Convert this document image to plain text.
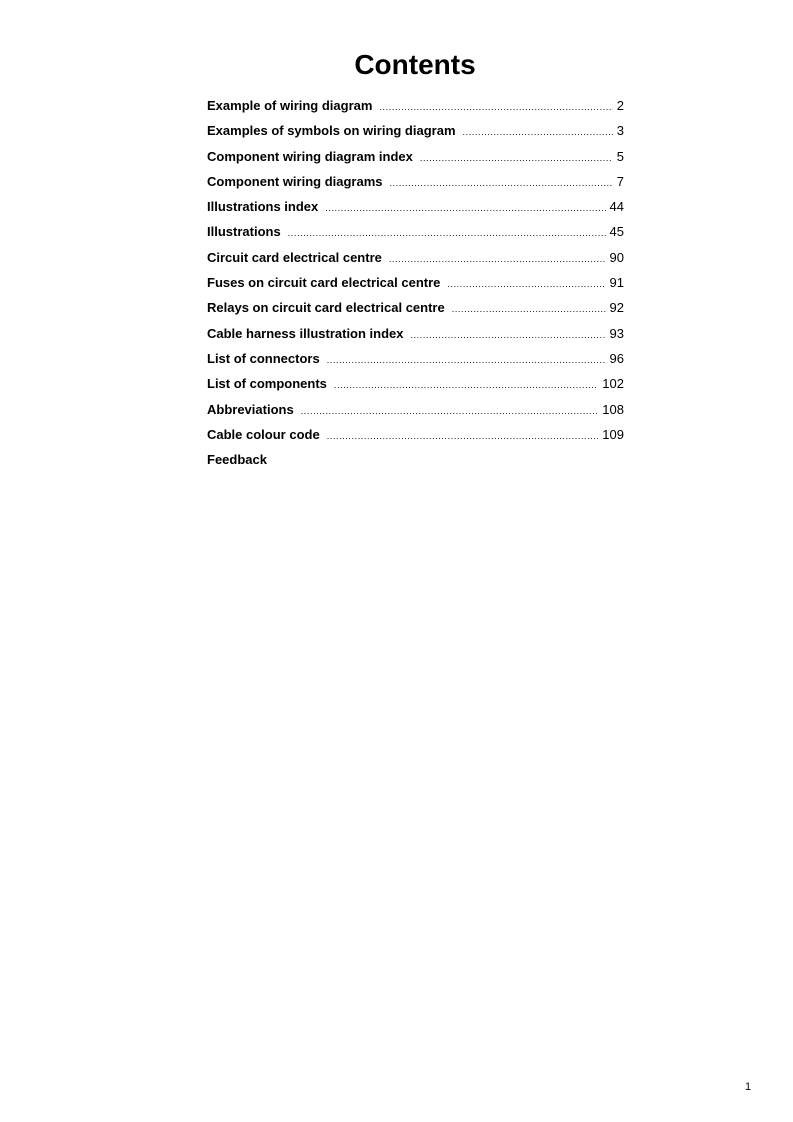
Contents
Example of wiring diagram .....	2
Examples of symbols on wiring diagram .....	3
Component wiring diagram index .....	5
Component wiring diagrams .....	7
Illustrations index .....	44
Illustrations .....	45
Circuit card electrical centre .....	90
Fuses on circuit card electrical centre .....	91
Relays on circuit card electrical centre .....	92
Cable harness illustration index .....	93
List of connectors .....	96
List of components .....	102
Abbreviations .....	108
Cable colour code .....	109
Feedback
1
